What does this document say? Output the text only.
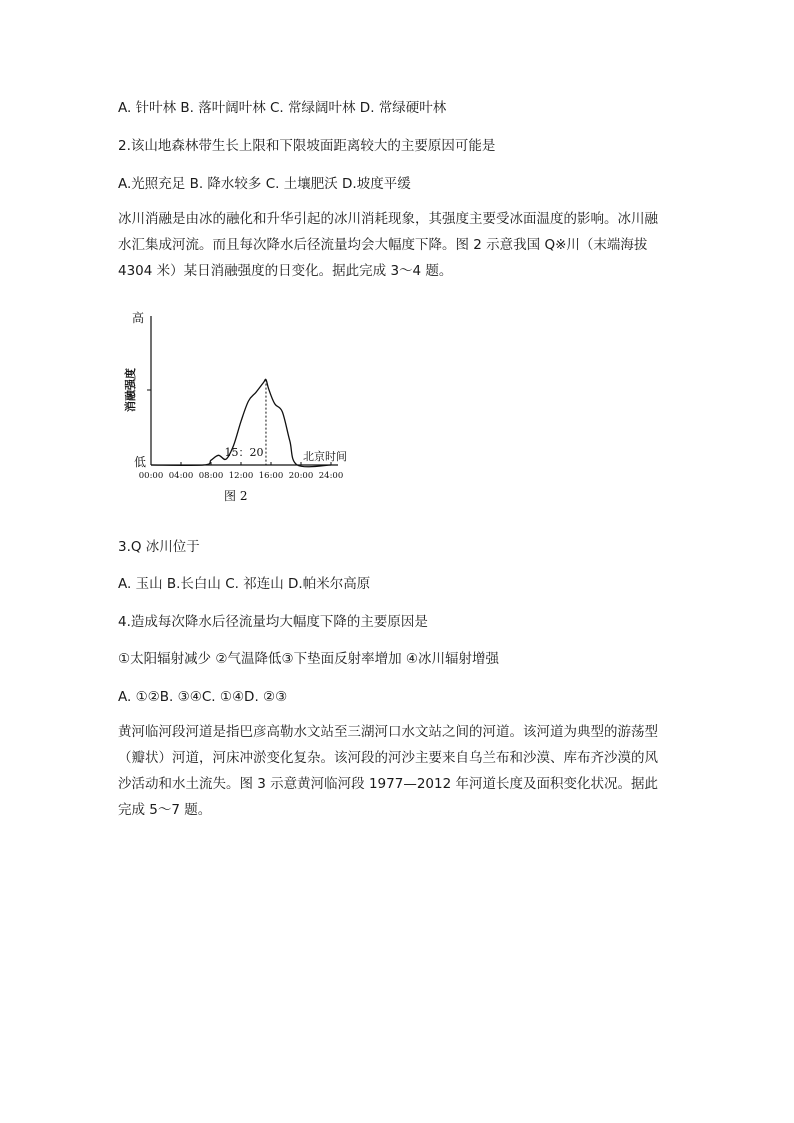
A. 针叶林 B. 落叶阔叶林 C. 常绿阔叶林 D. 常绿硬叶林
2.该山地森林带生长上限和下限坡面距离较大的主要原因可能是
A.光照充足 B. 降水较多 C. 土壤肥沃 D.坡度平缓
冰川消融是由冰的融化和升华引起的冰川消耗现象，其强度主要受冰面温度的影响。冰川融
水汇集成河流。而且每次降水后径流量均会大幅度下降。图 2 示意我国 Q※川（末端海拔
4304 米）某日消融强度的日变化。据此完成 3～4 题。
高
低
消融强度
00:00 04:00 08:00 12:00 16:00 20:00 24:00
15：20	北京时间
图 2
3.Q 冰川位于
A. 玉山 B.长白山 C. 祁连山 D.帕米尔高原
4.造成每次降水后径流量均大幅度下降的主要原因是
①太阳辐射减少 ②气温降低③下垫面反射率增加 ④冰川辐射增强
A. ①②B. ③④C. ①④D. ②③
黄河临河段河道是指巴彦高勒水文站至三湖河口水文站之间的河道。该河道为典型的游荡型
（瓣状）河道，河床冲淤变化复杂。该河段的河沙主要来自乌兰布和沙漠、库布齐沙漠的风
沙活动和水土流失。图 3 示意黄河临河段 1977—2012 年河道长度及面积变化状况。据此
完成 5～7 题。
